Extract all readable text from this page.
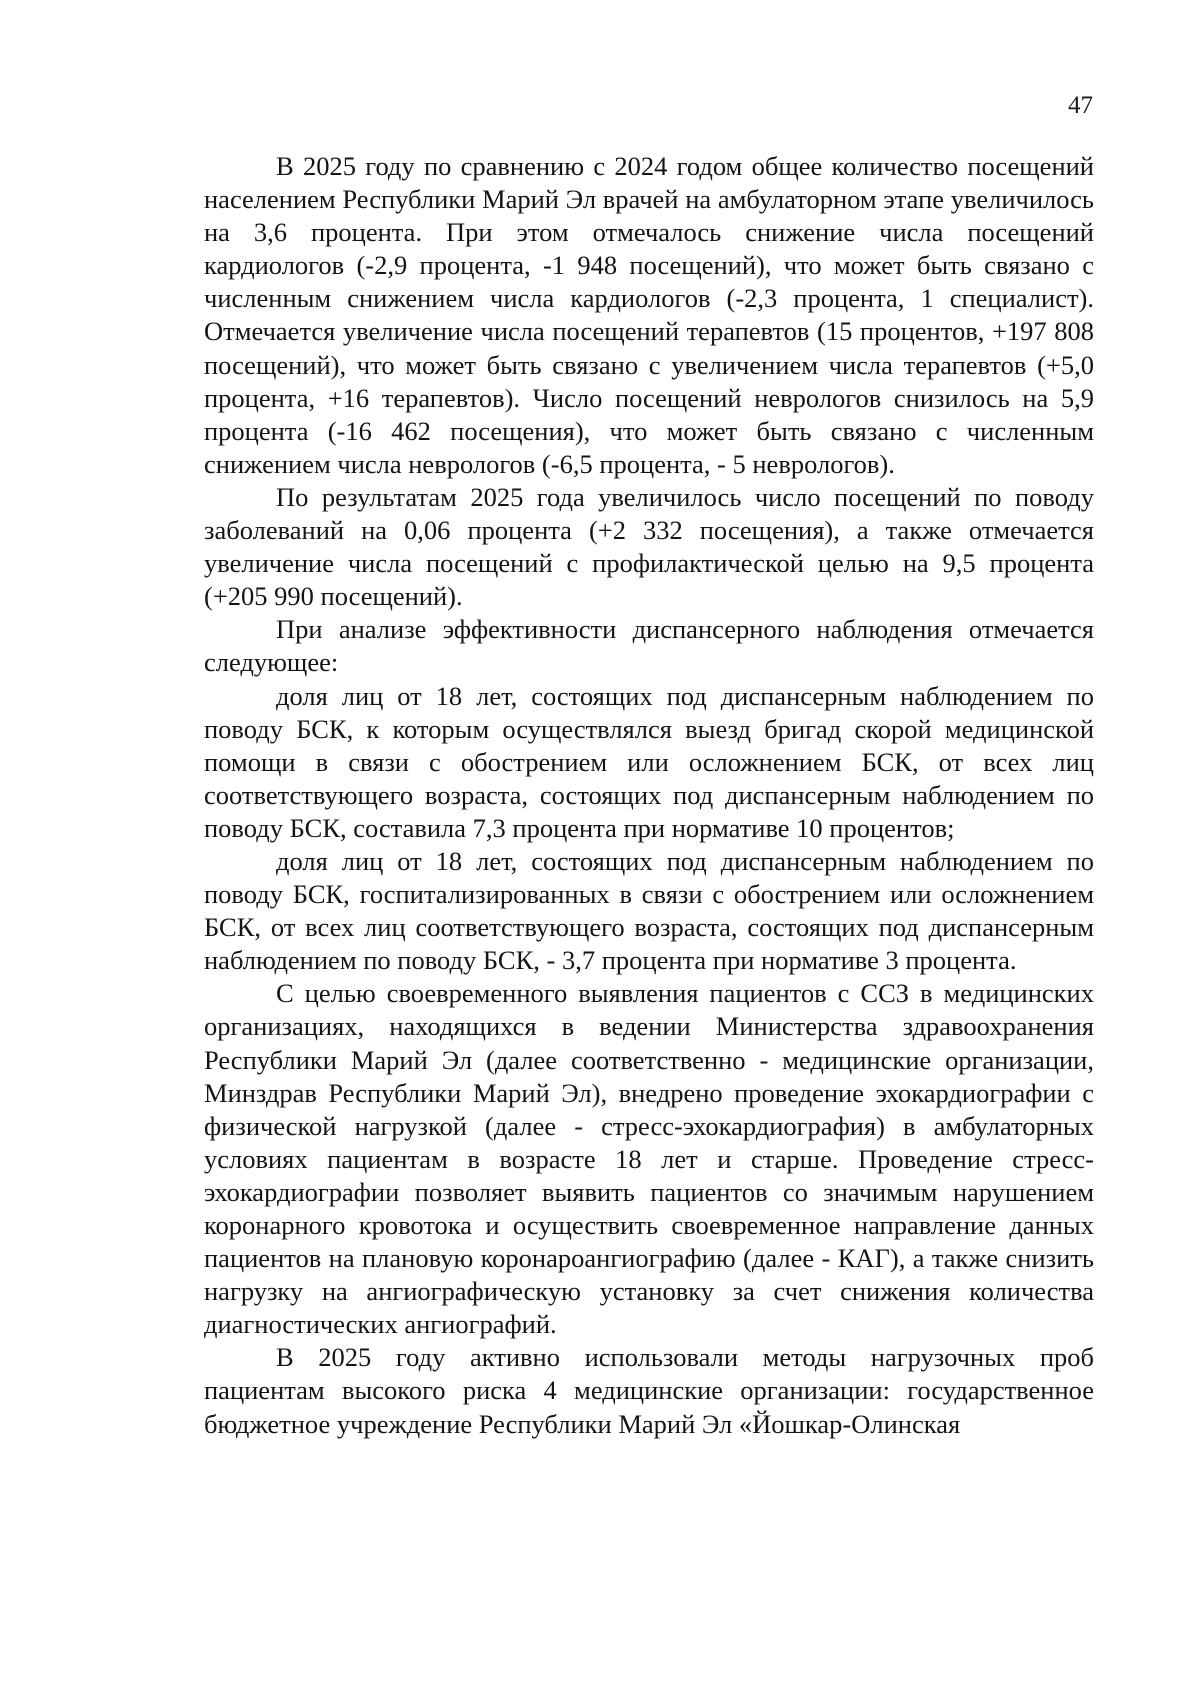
47

В 2025 году по сравнению с 2024 годом общее количество посещений населением Республики Марий Эл врачей на амбулаторном этапе увеличилось на 3,6 процента. При этом отмечалось снижение числа посещений кардиологов (-2,9 процента, -1 948 посещений), что может быть связано с численным снижением числа кардиологов (-2,3 процента, 1 специалист). Отмечается увеличение числа посещений терапевтов (15 процентов, +197 808 посещений), что может быть связано с увеличением числа терапевтов (+5,0 процента, +16 терапевтов). Число посещений неврологов снизилось на 5,9 процента (-16 462 посещения), что может быть связано с численным снижением числа неврологов (-6,5 процента, - 5 неврологов).

По результатам 2025 года увеличилось число посещений по поводу заболеваний на 0,06 процента (+2 332 посещения), а также отмечается увеличение числа посещений с профилактической целью на 9,5 процента (+205 990 посещений).

При анализе эффективности диспансерного наблюдения отмечается следующее:

доля лиц от 18 лет, состоящих под диспансерным наблюдением по поводу БСК, к которым осуществлялся выезд бригад скорой медицинской помощи в связи с обострением или осложнением БСК, от всех лиц соответствующего возраста, состоящих под диспансерным наблюдением по поводу БСК, составила 7,3 процента при нормативе 10 процентов;

доля лиц от 18 лет, состоящих под диспансерным наблюдением по поводу БСК, госпитализированных в связи с обострением или осложнением БСК, от всех лиц соответствующего возраста, состоящих под диспансерным наблюдением по поводу БСК, - 3,7 процента при нормативе 3 процента.

С целью своевременного выявления пациентов с ССЗ в медицинских организациях, находящихся в ведении Министерства здравоохранения Республики Марий Эл (далее соответственно - медицинские организации, Минздрав Республики Марий Эл), внедрено проведение эхокардиографии с физической нагрузкой (далее - стресс-эхокардиография) в амбулаторных условиях пациентам в возрасте 18 лет и старше. Проведение стресс-эхокардиографии позволяет выявить пациентов со значимым нарушением коронарного кровотока и осуществить своевременное направление данных пациентов на плановую коронароангиографию (далее - КАГ), а также снизить нагрузку на ангиографическую установку за счет снижения количества диагностических ангиографий.

В 2025 году активно использовали методы нагрузочных проб пациентам высокого риска 4 медицинские организации: государственное бюджетное учреждение Республики Марий Эл «Йошкар-Олинская
